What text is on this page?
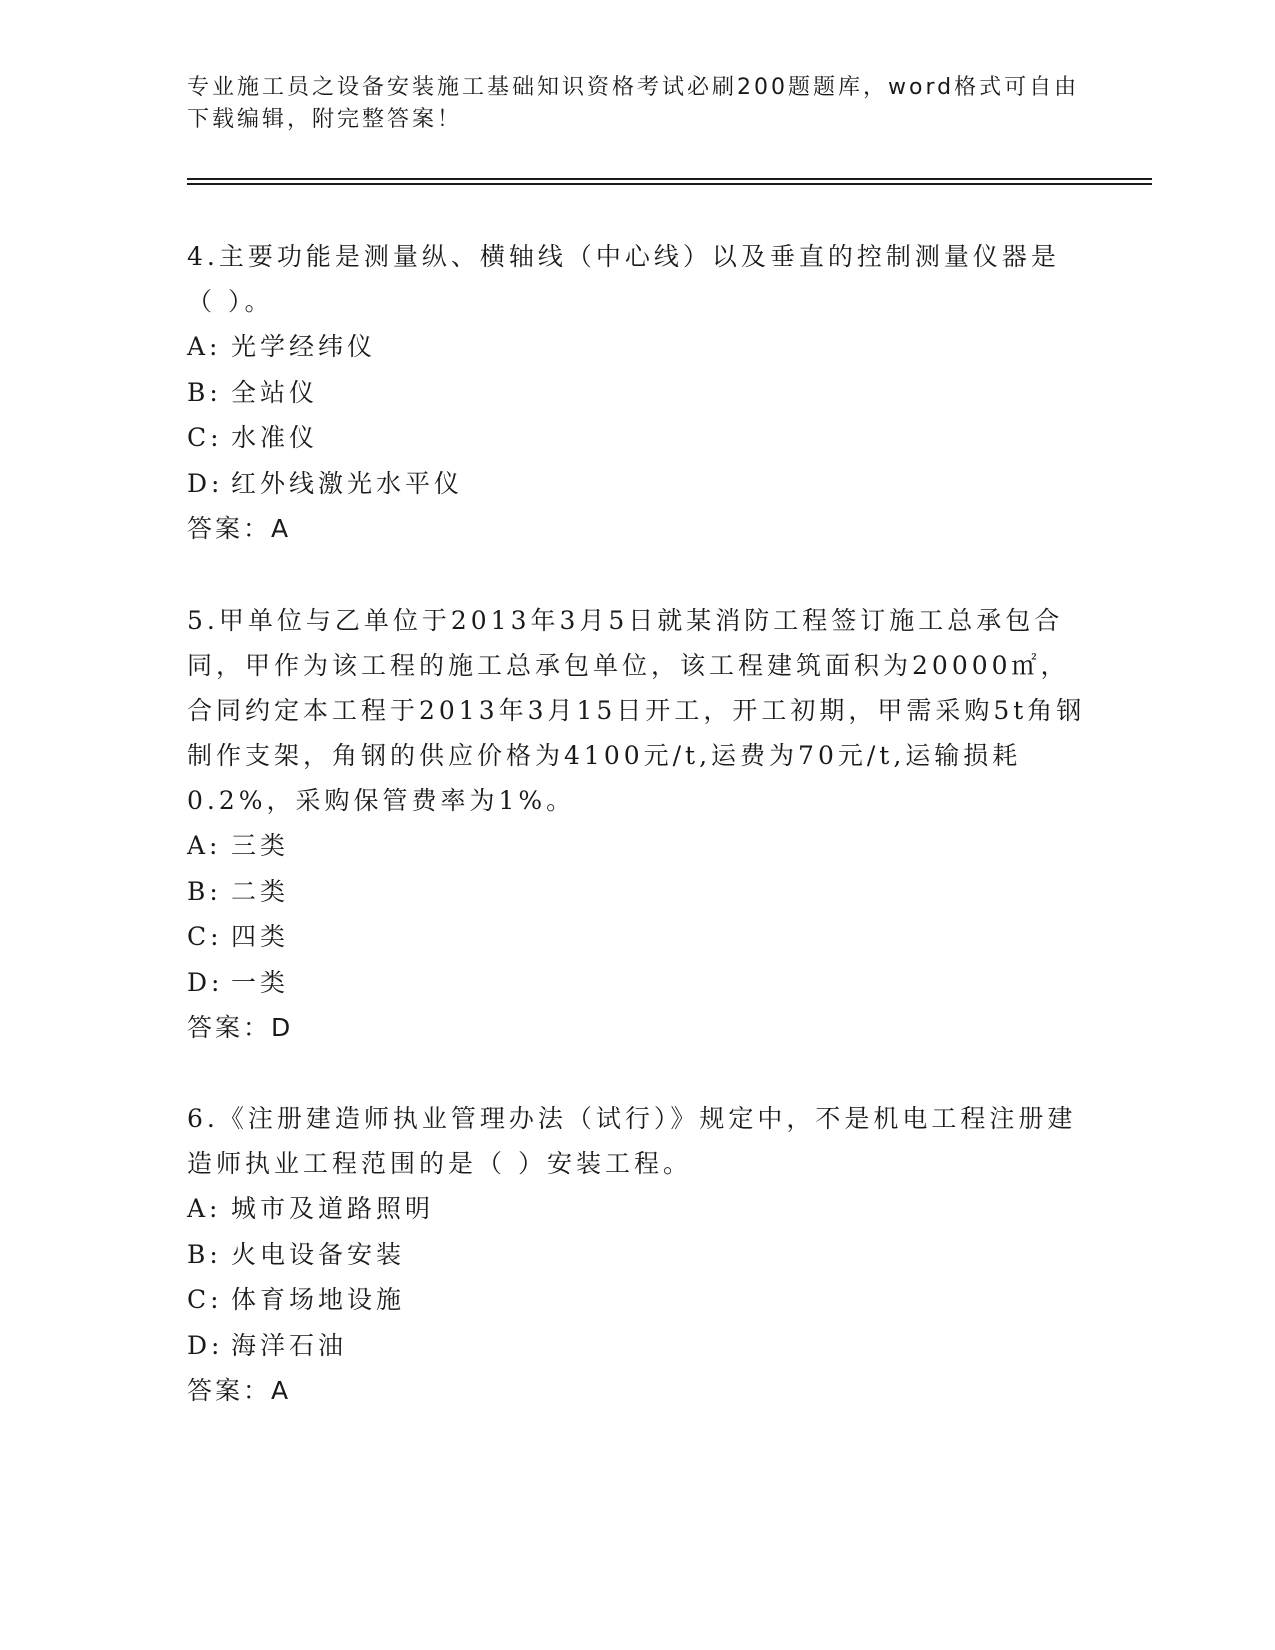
专业施工员之设备安装施工基础知识资格考试必刷200题题库，word格式可自由下载编辑，附完整答案！
4.主要功能是测量纵、横轴线（中心线）以及垂直的控制测量仪器是（ ）。
A: 光学经纬仪
B: 全站仪
C: 水准仪
D: 红外线激光水平仪
答案：A
5.甲单位与乙单位于2013年3月5日就某消防工程签订施工总承包合同，甲作为该工程的施工总承包单位，该工程建筑面积为20000㎡，合同约定本工程于2013年3月15日开工，开工初期，甲需采购5t角钢制作支架，角钢的供应价格为4100元/t,运费为70元/t,运输损耗0.2%，采购保管费率为1%。
A: 三类
B: 二类
C: 四类
D: 一类
答案：D
6.《注册建造师执业管理办法（试行）》规定中，不是机电工程注册建造师执业工程范围的是（ ）安装工程。
A: 城市及道路照明
B: 火电设备安装
C: 体育场地设施
D: 海洋石油
答案：A
